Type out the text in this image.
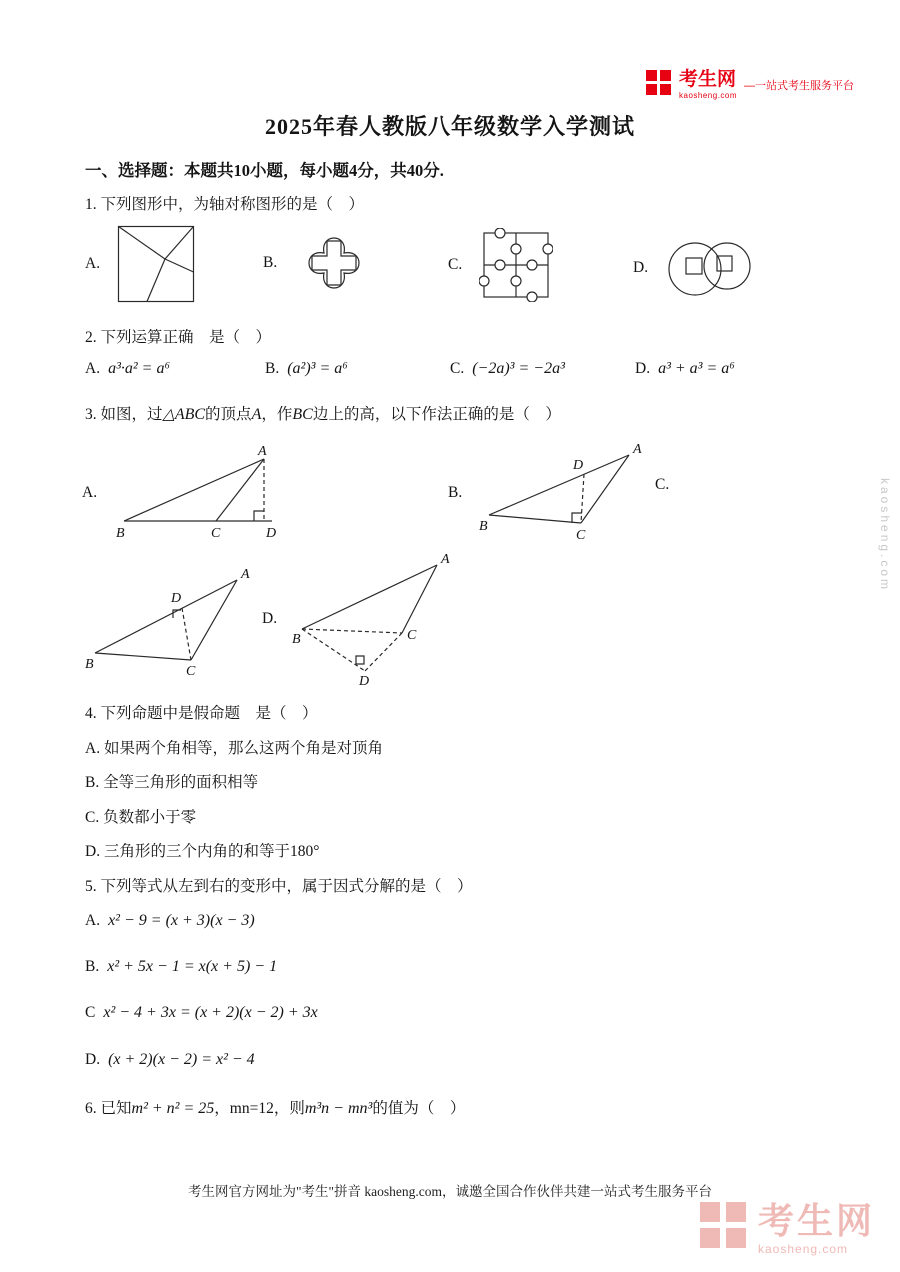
考生网
kaosheng.com
—一站式考生服务平台
2025年春人教版八年级数学入学测试
一、选择题：本题共10小题，每小题4分，共40分.
1. 下列图形中，为轴对称图形的是（　）
A.	B.	C.	D.
2. 下列运算正确　是（　）
A. a³·a² = a⁶	B. (a²)³ = a⁶	C. (−2a)³ = −2a³	D. a³ + a³ = a⁶
3. 如图，过△ABC的顶点A，作BC边上的高，以下作法正确的是（　）
A.
A
B	C	D
B.
A
B
C
D
C.
A
B	C
D
D.
A
B	C
D
4. 下列命题中是假命题　是（　）
A. 如果两个角相等，那么这两个角是对顶角
B. 全等三角形的面积相等
C. 负数都小于零
D. 三角形的三个内角的和等于180°
5. 下列等式从左到右的变形中，属于因式分解的是（　）
A. x² − 9 = (x + 3)(x − 3)
B. x² + 5x − 1 = x(x + 5) − 1
C x² − 4 + 3x = (x + 2)(x − 2) + 3x
D. (x + 2)(x − 2) = x² − 4
6. 已知m² + n² = 25，mn=12，则m³n − mn³的值为（　）
考生网官方网址为"考生"拼音 kaosheng.com，诚邀全国合作伙伴共建一站式考生服务平台
kaosheng.com
考生网
kaosheng.com
